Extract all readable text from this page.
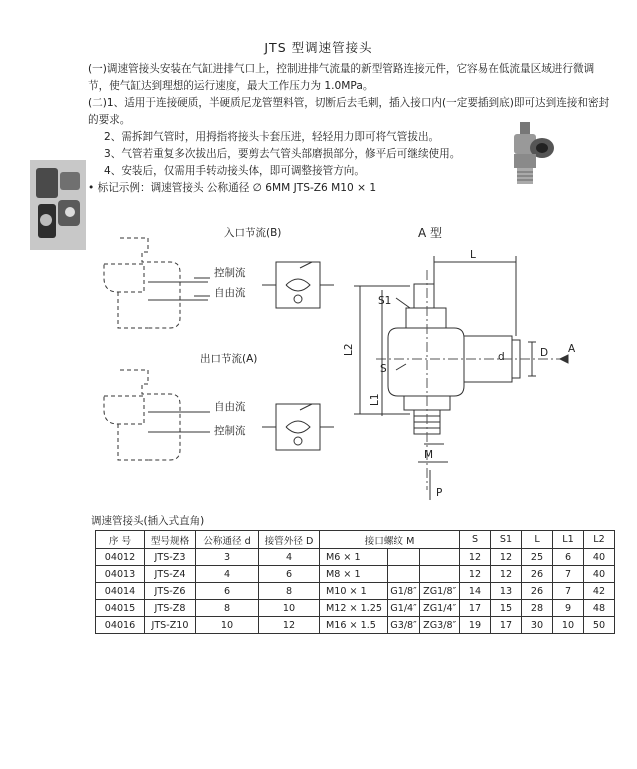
JTS 型调速管接头
(一)调速管接头安装在气缸进排气口上，控制进排气流量的新型管路连接元件，它容易在低流量区域进行微调节，使气缸达到理想的运行速度，最大工作压力为 1.0MPa。
(二)1、适用于连接硬质，半硬质尼龙管塑料管，切断后去毛刺，插入接口内(一定要插到底)即可达到连接和密封的要求。
2、需拆卸气管时，用拇指将接头卡套压进，轻轻用力即可将气管拔出。
3、气管若重复多次拔出后，要剪去气管头部磨损部分，修平后可继续使用。
4、安装后，仅需用手转动接头体，即可调整接管方向。
• 标记示例：调速管接头 公称通径 ∅ 6MM JTS-Z6 M10 × 1
入口节流(B)
控制流
自由流
出口节流(A)
自由流
控制流
A 型
L
S1
S
L2
L1
D
d
A
M
P
调速管接头(插入式直角)
序 号	型号规格	公称通径 d	接管外径 D	接口螺纹 M			S	S1	L	L1	L2
04012	JTS-Z3	3	4	M6 × 1			12	12	25	6	40
04013	JTS-Z4	4	6	M8 × 1			12	12	26	7	40
04014	JTS-Z6	6	8	M10 × 1	G1/8″	ZG1/8″	14	13	26	7	42
04015	JTS-Z8	8	10	M12 × 1.25	G1/4″	ZG1/4″	17	15	28	9	48
04016	JTS-Z10	10	12	M16 × 1.5	G3/8″	ZG3/8″	19	17	30	10	50
